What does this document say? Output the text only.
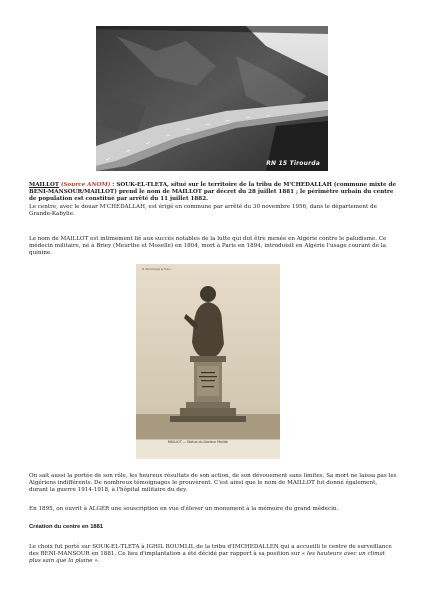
RN 15 Tirourda

MAILLOT (Source ANOM) : SOUK-EL-TLETA, situé sur le territoire de la tribu de M'CHEDALLAH (commune mixte de BENI-MANSOUR/MAILLOT) prend le nom de MAILLOT par décret du 28 juillet 1881 ; le périmètre urbain du centre de population est constitué par arrêté du 11 juillet 1882.

Le centre, avec le douar M'CHEDALLAH, est érigé en commune par arrêté du 30 novembre 1956, dans le département de Grande-Kabylie.

Le nom de MAILLOT est intimement lié aux succès notables de la lutte qui dut être menée en Algérie contre le paludisme. Ce médecin militaire, né à Briey (Meurthe et Moselle) en 1804, mort à Paris en 1894, introduisit en Algérie l'usage courant de la quinine.

N. Pacomarpe & Folon
MAILLOT — Statue du Docteur Maillot

On sait aussi la portée de son rôle, les heureux résultats de son action, de son dévouement sans limites. Sa mort ne laissa pas les Algériens indifférents. De nombreux témoignages le prouvèrent. C'est ainsi que le nom de MAILLOT fut donné également, durant la guerre 1914-1918, à l'hôpital militaire du dey.

En 1895, on ouvrit à ALGER une souscription en vue d'élever un monument à la mémoire du grand médecin.

Création du centre en 1881

Le choix fut porté sur SOUK-EL-TLETA à IGHIL BOUMLIL de la tribu d'IMCHEDALLEN qui a accueilli le centre de surveillance des BENI-MANSOUR en 1881. Ce lieu d'implantation a été décidé par rapport à sa position sur « les hauteurs avec un climat plus sain que la plaine ».
